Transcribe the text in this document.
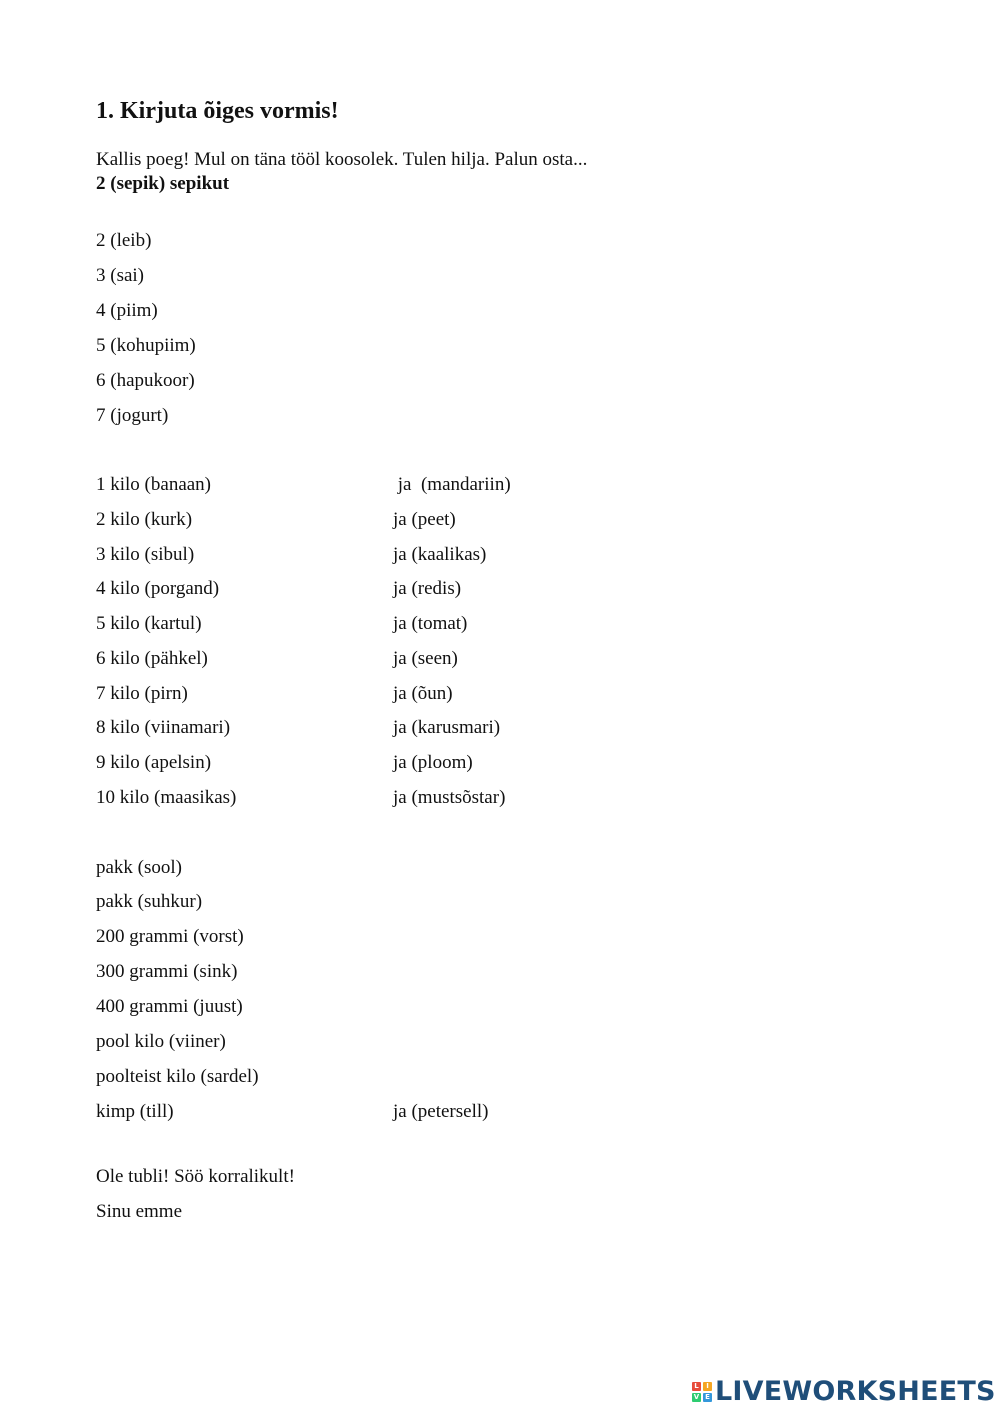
1. Kirjuta õiges vormis!
Kallis poeg! Mul on täna tööl koosolek. Tulen hilja. Palun osta...
2 (sepik) sepikut
2 (leib)
3 (sai)
4 (piim)
5 (kohupiim)
6 (hapukoor)
7 (jogurt)
1 kilo (banaan)	ja  (mandariin)
2 kilo (kurk)	ja (peet)
3 kilo (sibul)	ja (kaalikas)
4 kilo (porgand)	ja (redis)
5 kilo (kartul)	ja (tomat)
6 kilo (pähkel)	ja (seen)
7 kilo (pirn)	ja (õun)
8 kilo (viinamari)	ja (karusmari)
9 kilo (apelsin)	ja (ploom)
10 kilo (maasikas)	ja (mustsõstar)
pakk (sool)
pakk (suhkur)
200 grammi (vorst)
300 grammi (sink)
400 grammi (juust)
pool kilo (viiner)
poolteist kilo (sardel)
kimp (till)	ja (petersell)
Ole tubli! Söö korralikult!
Sinu emme
L	I
V E LIVEWORKSHEETS
